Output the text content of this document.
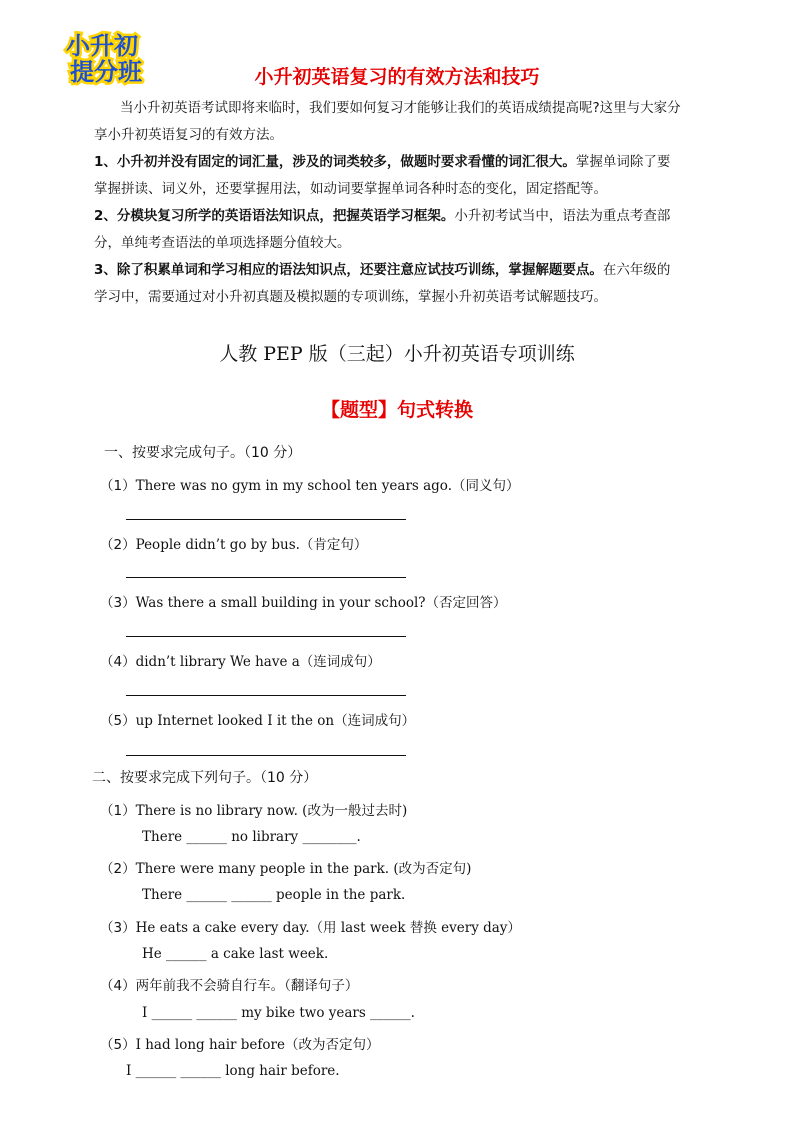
小升初
提分班	小升初英语复习的有效方法和技巧
当小升初英语考试即将来临时，我们要如何复习才能够让我们的英语成绩提高呢?这里与大家分
享小升初英语复习的有效方法。
1、小升初并没有固定的词汇量，涉及的词类较多，做题时要求看懂的词汇很大。掌握单词除了要
掌握拼读、词义外，还要掌握用法，如动词要掌握单词各种时态的变化，固定搭配等。
2、分模块复习所学的英语语法知识点，把握英语学习框架。小升初考试当中，语法为重点考查部
分，单纯考查语法的单项选择题分值较大。
3、除了积累单词和学习相应的语法知识点，还要注意应试技巧训练，掌握解题要点。在六年级的
学习中，需要通过对小升初真题及模拟题的专项训练，掌握小升初英语考试解题技巧。
人教 PEP 版（三起）小升初英语专项训练
【题型】句式转换
一、按要求完成句子。（10 分）
（1）There was no gym in my school ten years ago.（同义句）
（2）People didn’t go by bus.（肯定句）
（3）Was there a small building in your school?（否定回答）
（4）didn’t library We have a（连词成句）
（5）up Internet looked I it the on（连词成句）
二、按要求完成下列句子。（10 分）
（1）There is no library now. (改为一般过去时)
There ______ no library ________.
（2）There were many people in the park. (改为否定句)
There ______ ______ people in the park.
（3）He eats a cake every day.（用 last week 替换 every day）
He ______ a cake last week.
（4）两年前我不会骑自行车。（翻译句子）
I ______ ______ my bike two years ______.
（5）I had long hair before（改为否定句）
I ______ ______ long hair before.
